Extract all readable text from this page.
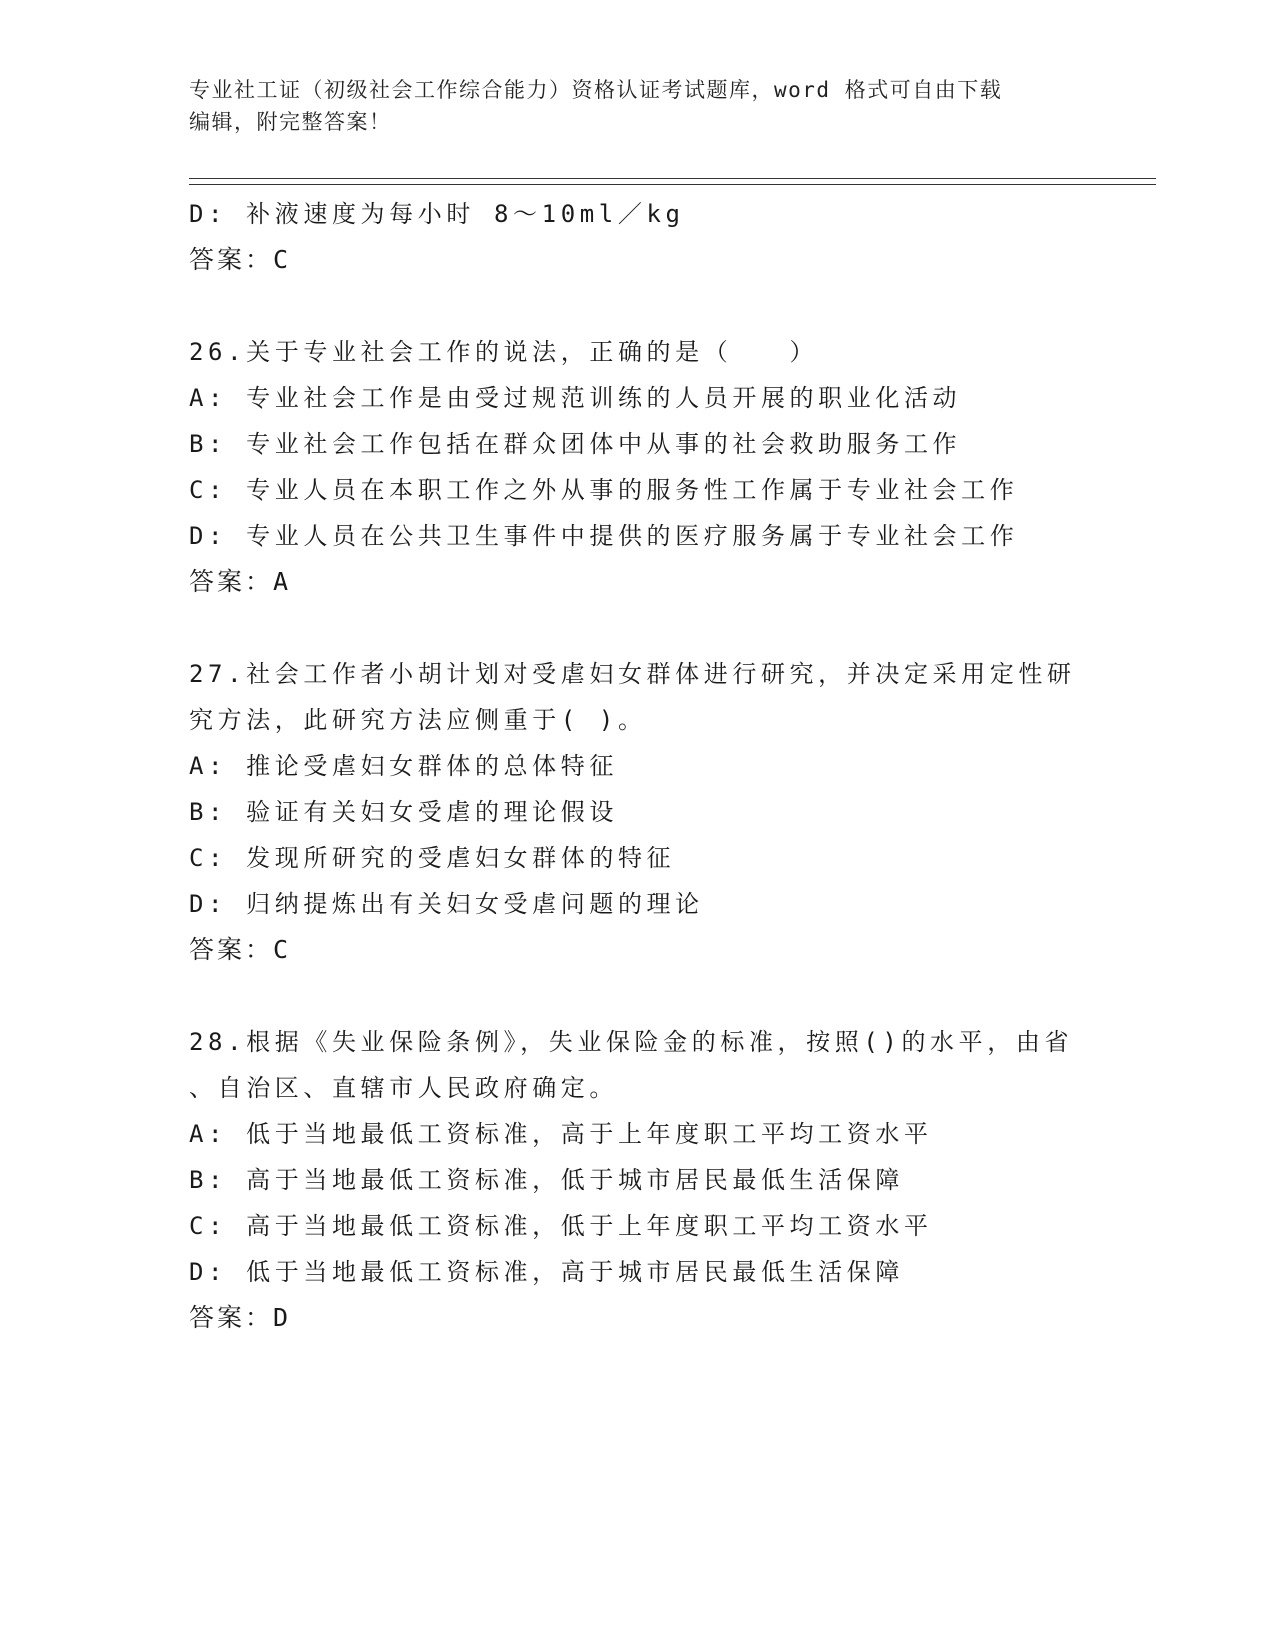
专业社工证（初级社会工作综合能力）资格认证考试题库，word 格式可自由下载
编辑，附完整答案！
D: 补液速度为每小时 8～10ml／kg
答案：C
26.关于专业社会工作的说法，正确的是（　　）
A: 专业社会工作是由受过规范训练的人员开展的职业化活动
B: 专业社会工作包括在群众团体中从事的社会救助服务工作
C: 专业人员在本职工作之外从事的服务性工作属于专业社会工作
D: 专业人员在公共卫生事件中提供的医疗服务属于专业社会工作
答案：A
27.社会工作者小胡计划对受虐妇女群体进行研究，并决定采用定性研
究方法，此研究方法应侧重于( )。
A: 推论受虐妇女群体的总体特征
B: 验证有关妇女受虐的理论假设
C: 发现所研究的受虐妇女群体的特征
D: 归纳提炼出有关妇女受虐问题的理论
答案：C
28.根据《失业保险条例》，失业保险金的标准，按照()的水平，由省
、自治区、直辖市人民政府确定。
A: 低于当地最低工资标准，高于上年度职工平均工资水平
B: 高于当地最低工资标准，低于城市居民最低生活保障
C: 高于当地最低工资标准，低于上年度职工平均工资水平
D: 低于当地最低工资标准，高于城市居民最低生活保障
答案：D
